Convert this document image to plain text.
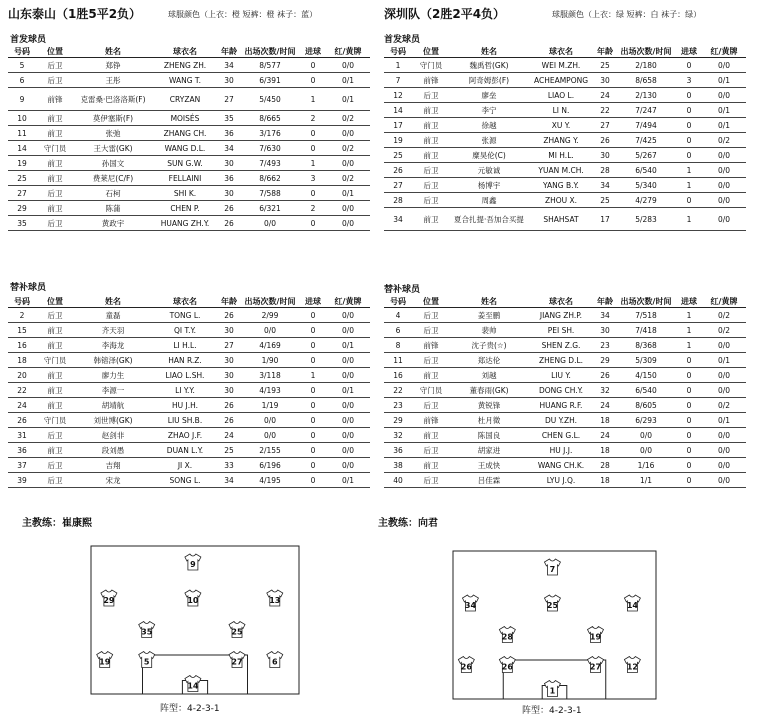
山东泰山（1胜5平2负）	球服颜色（上衣：橙 短裤：橙 袜子：蓝）
首发球员
深圳队（2胜2平4负）	球服颜色（上衣：绿 短裤：白 袜子：绿）
首发球员
号码	位置	姓名	球衣名	年龄	出场次数/时间	进球	红/黄牌
5	后卫	郑铮	ZHENG ZH.	34	8/577	0	0/0
6	后卫	王彤	WANG T.	30	6/391	0	0/1
9	前锋	克雷桑·巴洛洛斯(F)	CRYZAN	27	5/450	1	0/1
10	前卫	莫伊塞斯(F)	MOISÉS	35	8/665	2	0/2
11	前卫	张弛	ZHANG CH.	36	3/176	0	0/0
14	守门员	王大雷(GK)	WANG D.L.	34	7/630	0	0/2
19	前卫	孙国文	SUN G.W.	30	7/493	1	0/0
25	前卫	费莱尼(C/F)	FELLAINI	36	8/662	3	0/2
27	后卫	石柯	SHI K.	30	7/588	0	0/1
29	前卫	陈蒲	CHEN P.	26	6/321	2	0/0
35	后卫	黄政宇	HUANG ZH.Y.	26	0/0	0	0/0
号码	位置	姓名	球衣名	年龄	出场次数/时间	进球	红/黄牌
1	守门员	魏禹哲(GK)	WEI M.ZH.	25	2/180	0	0/0
7	前锋	阿奇姆彭(F)	ACHEAMPONG	30	8/658	3	0/1
12	后卫	廖垒	LIAO L.	24	2/130	0	0/0
14	前卫	李宁	LI N.	22	7/247	0	0/1
17	前卫	徐越	XU Y.	27	7/494	0	0/1
19	前卫	张源	ZHANG Y.	26	7/425	0	0/2
25	前卫	糜昊伦(C)	MI H.L.	30	5/267	0	0/0
26	后卫	元敏诚	YUAN M.CH.	28	6/540	1	0/0
27	后卫	杨博宇	YANG B.Y.	34	5/340	1	0/0
28	后卫	周鑫	ZHOU X.	25	4/279	0	0/0
34	前卫	夏合扎提·吾加合买提	SHAHSAT	17	5/283	1	0/0
替补球员	替补球员
号码	位置	姓名	球衣名	年龄	出场次数/时间	进球	红/黄牌
2	后卫	童磊	TONG L.	26	2/99	0	0/0
15	前卫	齐天羽	QI T.Y.	30	0/0	0	0/0
16	前卫	李海龙	LI H.L.	27	4/169	0	0/1
18	守门员	韩镕泽(GK)	HAN R.Z.	30	1/90	0	0/0
20	前卫	廖力生	LIAO L.SH.	30	3/118	1	0/0
22	前卫	李源一	LI Y.Y.	30	4/193	0	0/1
24	前卫	胡靖航	HU J.H.	26	1/19	0	0/0
26	守门员	刘世博(GK)	LIU SH.B.	26	0/0	0	0/0
31	后卫	赵剑非	ZHAO J.F.	24	0/0	0	0/0
36	前卫	段刘愚	DUAN L.Y.	25	2/155	0	0/0
37	后卫	吉翔	JI X.	33	6/196	0	0/0
39	后卫	宋龙	SONG L.	34	4/195	0	0/1
号码	位置	姓名	球衣名	年龄	出场次数/时间	进球	红/黄牌
4	后卫	姜至鹏	JIANG ZH.P.	34	7/518	1	0/2
6	后卫	裴帅	PEI SH.	30	7/418	1	0/2
8	前锋	沈子贵(☆)	SHEN Z.G.	23	8/368	1	0/0
11	后卫	郑达伦	ZHENG D.L.	29	5/309	0	0/1
16	前卫	刘越	LIU Y.	26	4/150	0	0/0
22	守门员	董春雨(GK)	DONG CH.Y.	32	6/540	0	0/0
23	后卫	黄锐锋	HUANG R.F.	24	8/605	0	0/2
29	前锋	杜月徵	DU Y.ZH.	18	6/293	0	0/1
32	前卫	陈国良	CHEN G.L.	24	0/0	0	0/0
36	后卫	胡家进	HU J.J.	18	0/0	0	0/0
38	前卫	王成快	WANG CH.K.	28	1/16	0	0/0
40	后卫	吕佳霖	LYU J.Q.	18	1/1	0	0/0
主教练：崔康熙	主教练：向君
9
29	10	13
35	25
19	5	27	6
14
7
34	25	14
28	19
26	26	27	12
1
阵型：4-2-3-1	阵型：4-2-3-1
